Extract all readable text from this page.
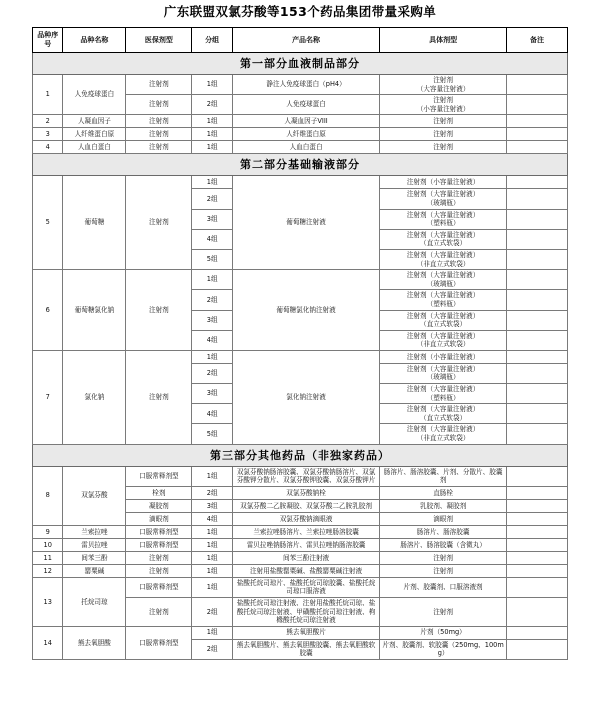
广东联盟双氯芬酸等153个药品集团带量采购单
品种序号	品种名称	医保剂型	分组	产品名称	具体剂型	备注
第一部分血液制品部分						
1	人免疫球蛋白	注射剂	1组	静注人免疫球蛋白（pH4）	注射剂
（大容量注射液）	
		注射剂	2组	人免疫球蛋白	注射剂
（小容量注射液）	
2	人凝血因子	注射剂	1组	人凝血因子VIII	注射剂	
3	人纤维蛋白原	注射剂	1组	人纤维蛋白原	注射剂	
4	人血白蛋白	注射剂	1组	人血白蛋白	注射剂	
第二部分基础输液部分						
5	葡萄糖	注射剂	1组	葡萄糖注射液	注射剂（小容量注射液）	
			2组		注射剂（大容量注射液）
（玻璃瓶）	
			3组		注射剂（大容量注射液）
（塑料瓶）	
			4组		注射剂（大容量注射液）
（直立式软袋）	
			5组		注射剂（大容量注射液）
（非直立式软袋）	
6	葡萄糖氯化钠	注射剂	1组	葡萄糖氯化钠注射液	注射剂（大容量注射液）
（玻璃瓶）	
			2组		注射剂（大容量注射液）
（塑料瓶）	
			3组		注射剂（大容量注射液）
（直立式软袋）	
			4组		注射剂（大容量注射液）
（非直立式软袋）	
7	氯化钠	注射剂	1组	氯化钠注射液	注射剂（小容量注射液）	
			2组		注射剂（大容量注射液）
（玻璃瓶）	
			3组		注射剂（大容量注射液）
（塑料瓶）	
			4组		注射剂（大容量注射液）
（直立式软袋）	
			5组		注射剂（大容量注射液）
（非直立式软袋）	
第三部分其他药品（非独家药品）						
8	双氯芬酸	口服常释剂型	1组	双氯芬酸钠肠溶胶囊、双氯芬酸钠肠溶片、双氯芬酸钾分散片、双氯芬酸钾胶囊、双氯芬酸钾片	肠溶片、肠溶胶囊、片剂、分散片、胶囊剂	
		栓剂	2组	双氯芬酸钠栓	直肠栓	
		凝胶剂	3组	双氯芬酸二乙胺凝胶、双氯芬酸二乙胺乳胶剂	乳胶剂、凝胶剂	
		滴眼剂	4组	双氯芬酸钠滴眼液	滴眼剂	
9	兰索拉唑	口服常释剂型	1组	兰索拉唑肠溶片、兰索拉唑肠溶胶囊	肠溶片、肠溶胶囊	
10	雷贝拉唑	口服常释剂型	1组	雷贝拉唑钠肠溶片、雷贝拉唑钠肠溶胶囊	肠溶片、肠溶胶囊（含微丸）	
11	间苯三酚	注射剂	1组	间苯三酚注射液	注射剂	
12	罂粟碱	注射剂	1组	注射用盐酸罂粟碱、盐酸罂粟碱注射液	注射剂	
13	托烷司琼	口服常释剂型	1组	盐酸托烷司琼片、盐酸托烷司琼胶囊、盐酸托烷司琼口服溶液	片剂、胶囊剂、口服溶液剂	
		注射剂	2组	盐酸托烷司琼注射液、注射用盐酸托烷司琼、盐酸托烷司琼注射液、甲磺酸托烷司琼注射液、枸橼酸托烷司琼注射液	注射剂	
14	熊去氧胆酸	口服常释剂型	1组	熊去氧胆酸片	片剂（50mg）	
			2组	熊去氧胆酸片、熊去氧胆酸胶囊、熊去氧胆酸软胶囊	片剂、胶囊剂、软胶囊（250mg、100mg）	
